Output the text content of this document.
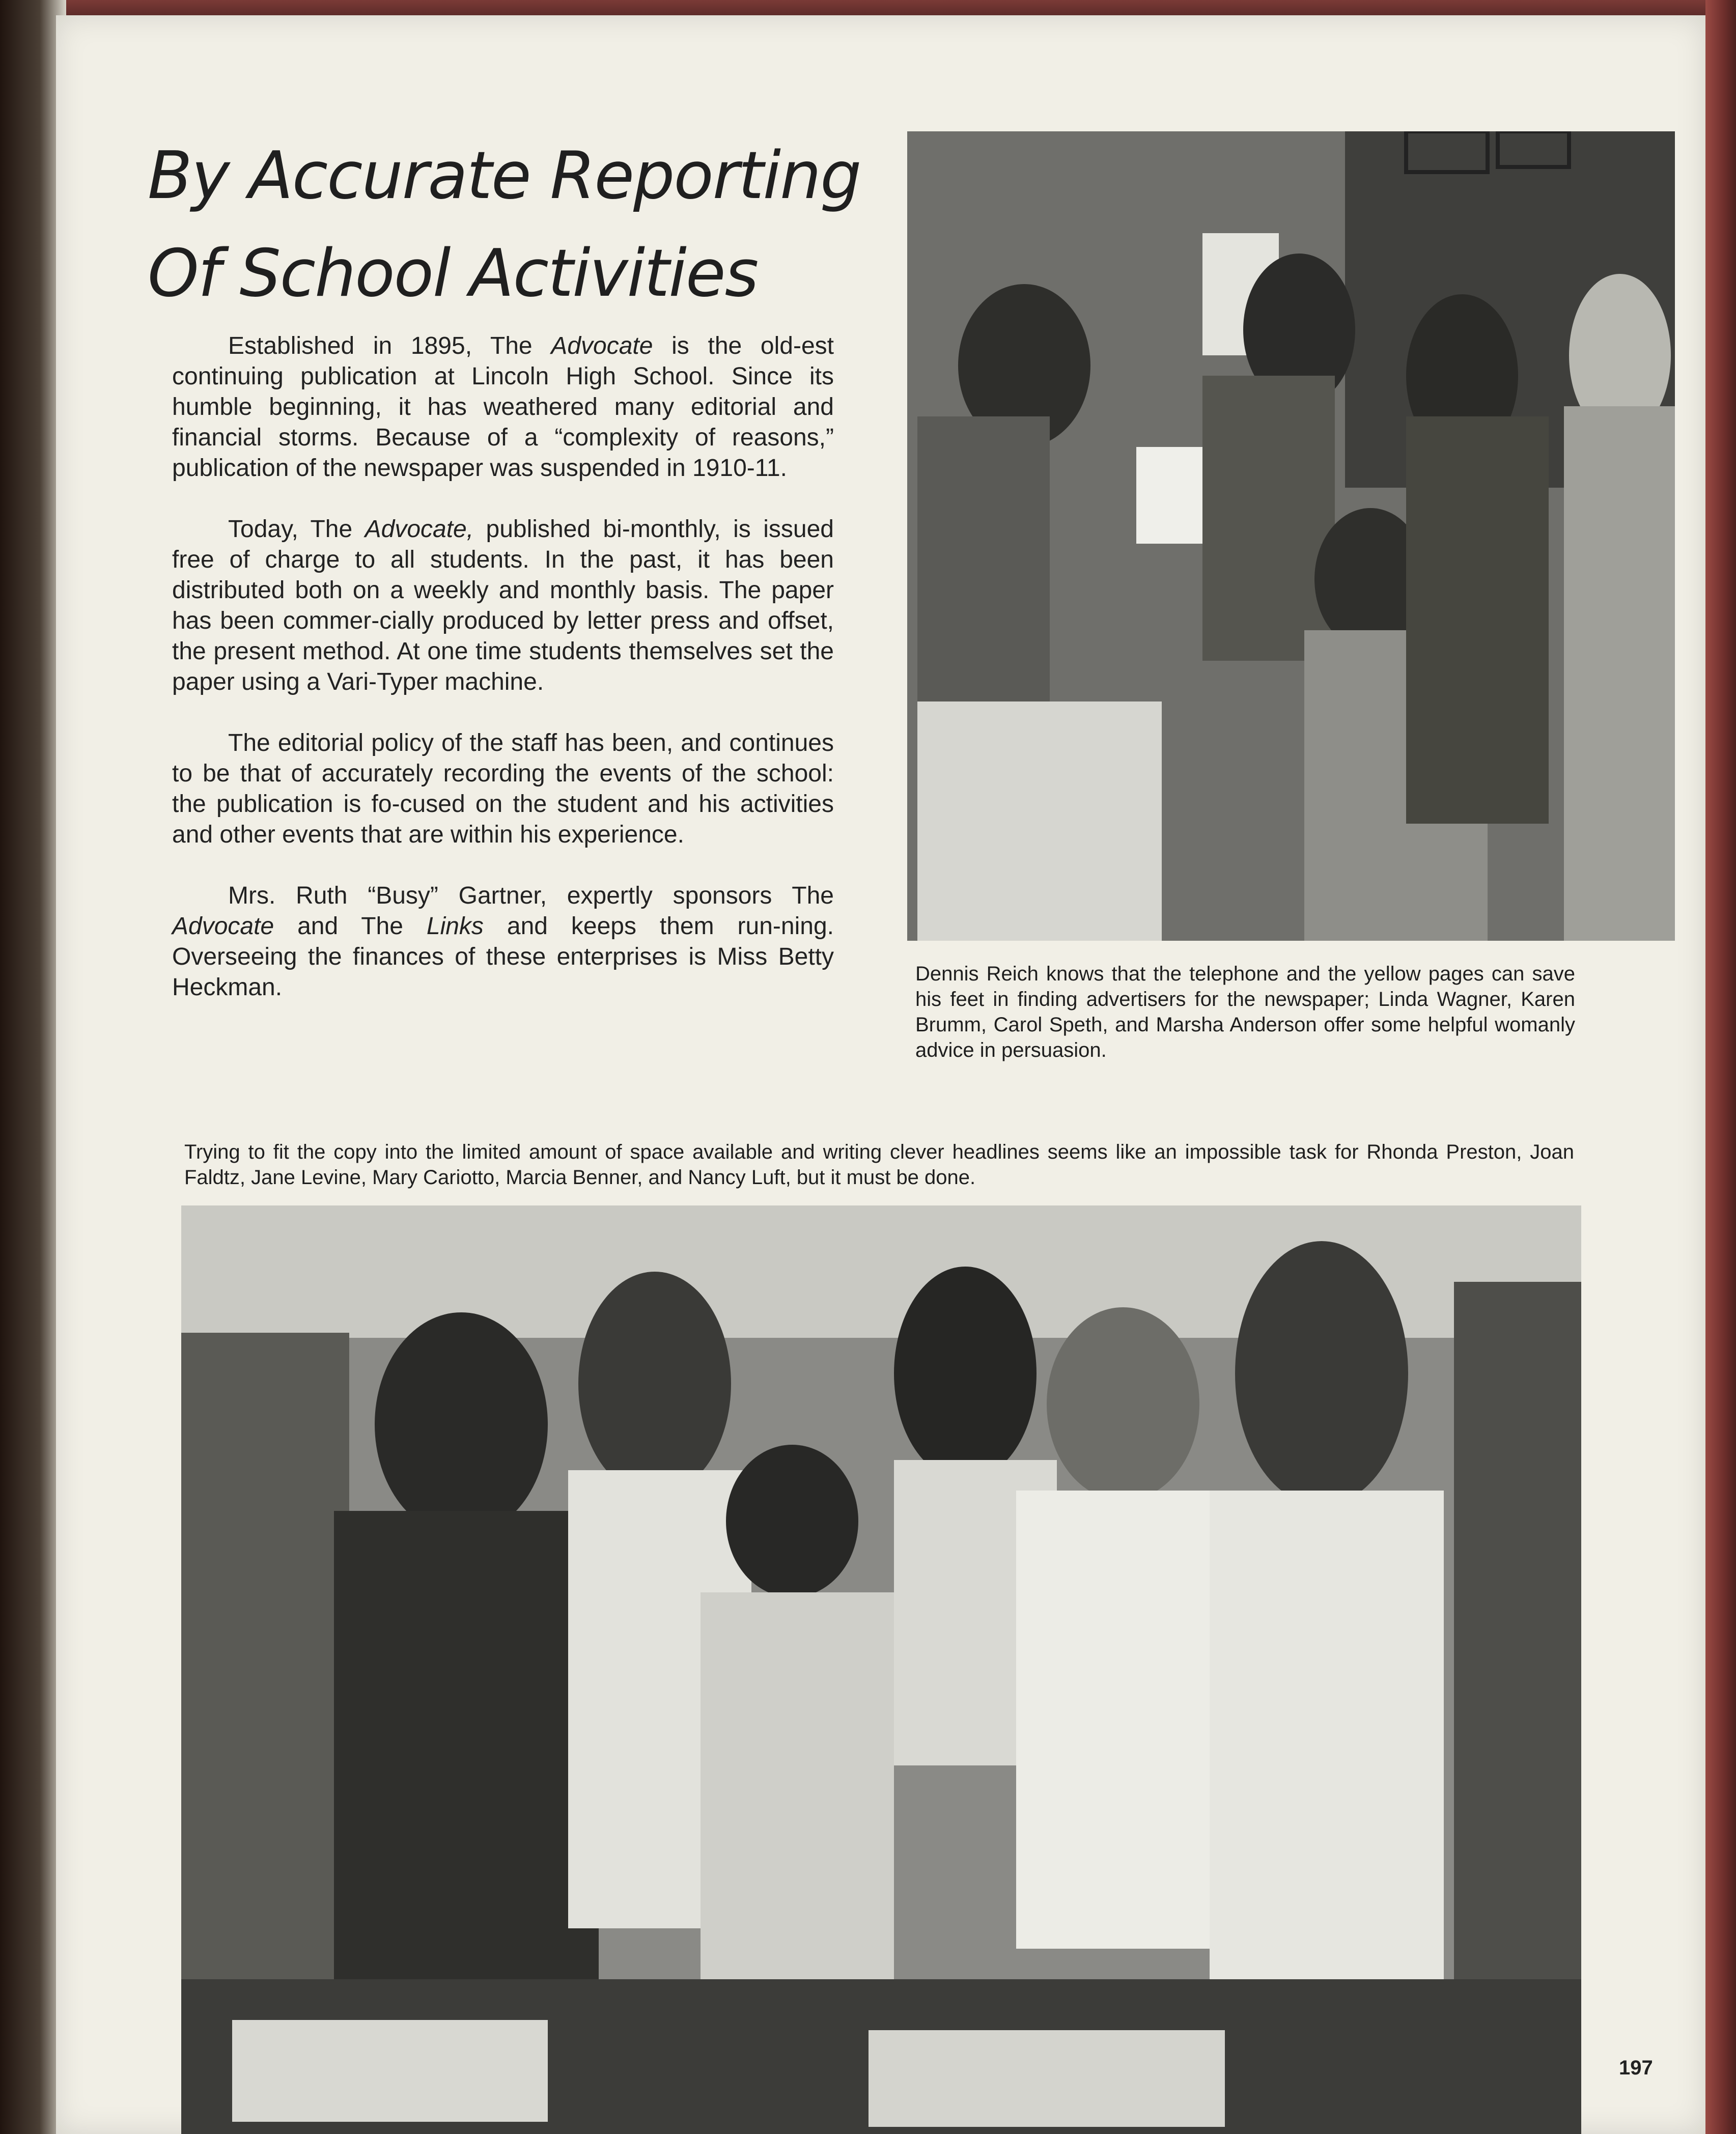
By Accurate Reporting
Of School Activities

Established in 1895, The Advocate is the old-est continuing publication at Lincoln High School. Since its humble beginning, it has weathered many editorial and financial storms. Because of a “complexity of reasons,” publication of the newspaper was suspended in 1910-11.

Today, The Advocate, published bi-monthly, is issued free of charge to all students. In the past, it has been distributed both on a weekly and monthly basis. The paper has been commer-cially produced by letter press and offset, the present method. At one time students themselves set the paper using a Vari-Typer machine.

The editorial policy of the staff has been, and continues to be that of accurately recording the events of the school: the publication is fo-cused on the student and his activities and other events that are within his experience.

Mrs. Ruth “Busy” Gartner, expertly sponsors The Advocate and The Links and keeps them run-ning. Overseeing the finances of these enterprises is Miss Betty Heckman.	Dennis Reich knows that the telephone and the yellow pages can save his feet in finding advertisers for the newspaper; Linda Wagner, Karen Brumm, Carol Speth, and Marsha Anderson offer some helpful womanly advice in persuasion.

Trying to fit the copy into the limited amount of space available and writing clever headlines seems like an impossible task for Rhonda Preston, Joan Faldtz, Jane Levine, Mary Cariotto, Marcia Benner, and Nancy Luft, but it must be done.

197
